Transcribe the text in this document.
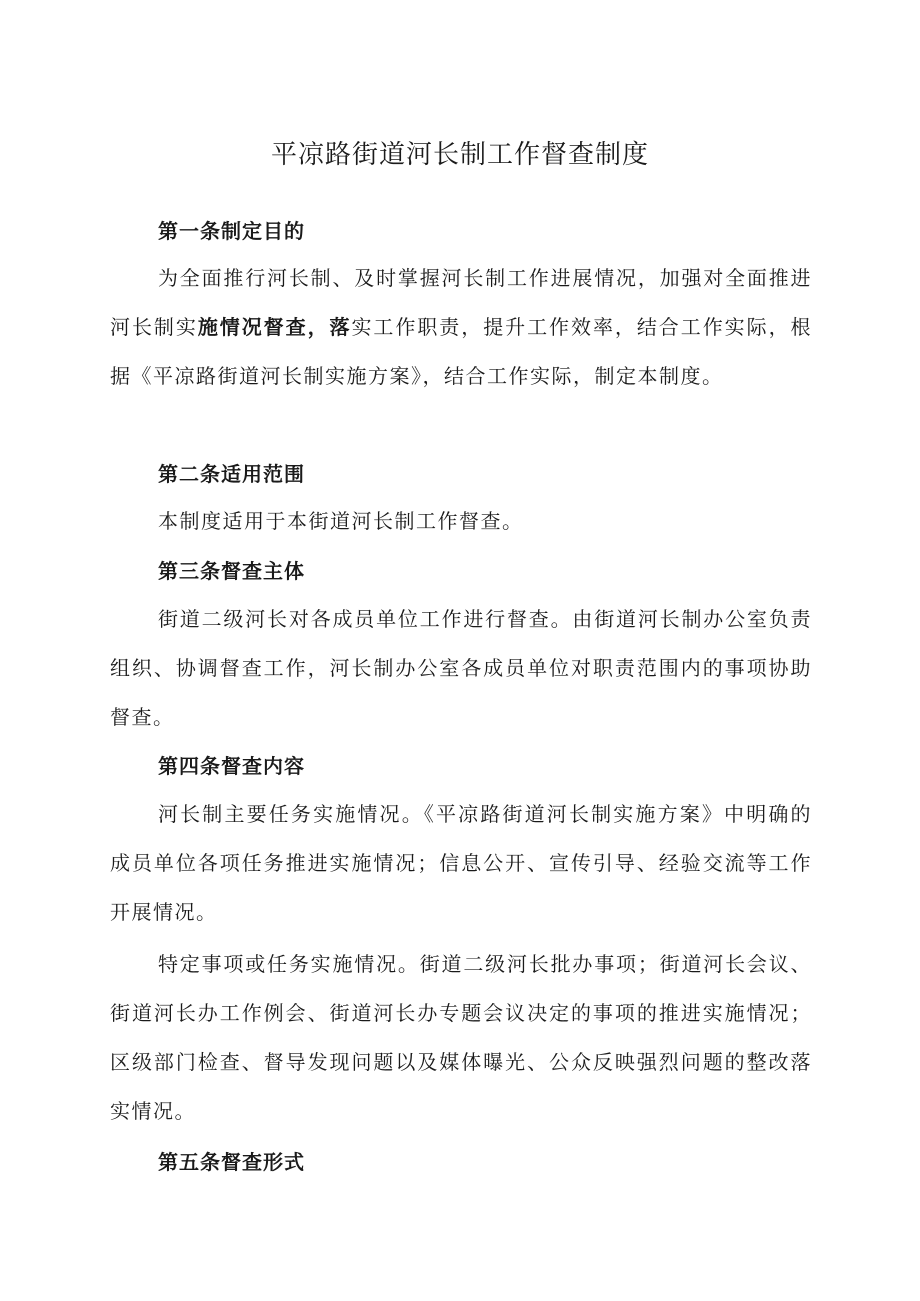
平凉路街道河长制工作督查制度
第一条制定目的

为全面推行河长制、及时掌握河长制工作进展情况，加强对全面推进河长制实施情况督查，落实工作职责，提升工作效率，结合工作实际，根据《平凉路街道河长制实施方案》，结合工作实际，制定本制度。

第二条适用范围

本制度适用于本街道河长制工作督查。

第三条督查主体

街道二级河长对各成员单位工作进行督查。由街道河长制办公室负责组织、协调督查工作，河长制办公室各成员单位对职责范围内的事项协助督查。

第四条督查内容

河长制主要任务实施情况。《平凉路街道河长制实施方案》中明确的成员单位各项任务推进实施情况；信息公开、宣传引导、经验交流等工作开展情况。

特定事项或任务实施情况。街道二级河长批办事项；街道河长会议、街道河长办工作例会、街道河长办专题会议决定的事项的推进实施情况；区级部门检查、督导发现问题以及媒体曝光、公众反映强烈问题的整改落实情况。

第五条督查形式
